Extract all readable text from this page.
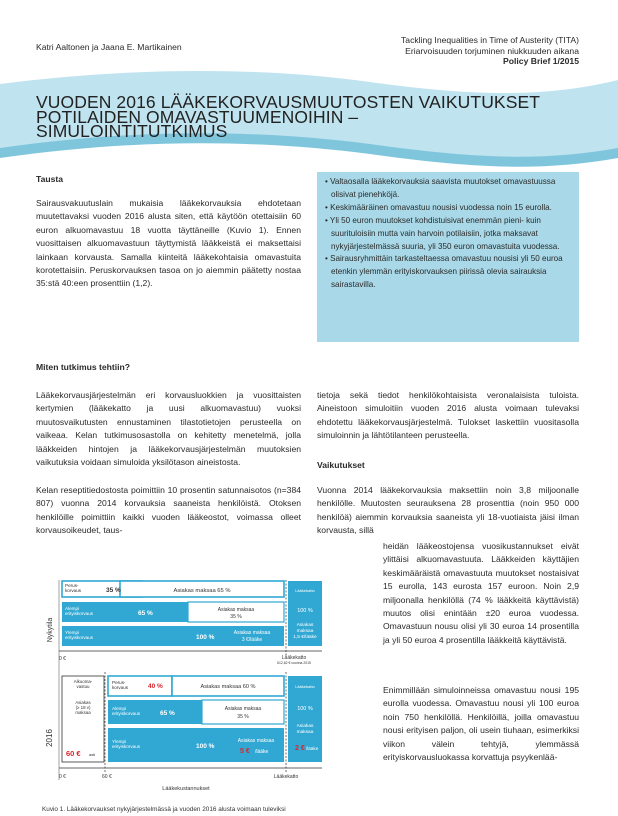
Katri Aaltonen ja Jaana E. Martikainen
Tackling Inequalities in Time of Austerity (TITA)
Eriarvoisuuden torjuminen niukkuuden aikana
Policy Brief 1/2015
VUODEN 2016 LÄÄKEKORVAUSMUUTOSTEN VAIKUTUKSET
POTILAIDEN OMAVASTUUMENOIHIN –
SIMULOINTITUTKIMUS
Tausta
Sairausvakuutuslain mukaisia lääkekorvauksia ehdotetaan muutettavaksi vuoden 2016 alusta siten, että käytöön otettaisiin 60 euron alkuomavastuu 18 vuotta täyttäneille (Kuvio 1). Ennen vuosittaisen alkuomavastuun täyttymistä lääkkeistä ei maksettaisi lainkaan korvausta. Samalla kiinteitä lääkekohtaisia omavastuita korotettaisiin. Peruskorvauksen tasoa on jo aiemmin päätetty nostaa 35:stä 40:een prosenttiin (1,2).
Miten tutkimus tehtiin?
Lääkekorvausjärjestelmän eri korvausluokkien ja vuosittaisten kertymien (lääkekatto ja uusi alkuomavastuu) vuoksi muutosvaikutusten ennustaminen tilastotietojen perusteella on vaikeaa. Kelan tutkimusosastolla on kehitetty menetelmä, jolla lääkkeiden hintojen ja lääkekorvausjärjestelmän muutoksien vaikutuksia voidaan simuloida yksilötason aineistosta.
Kelan reseptitiedostosta poimittiin 10 prosentin satunnaisotos (n=384 807) vuonna 2014 korvauksia saaneista henkilöistä. Otoksen henkilöille poimittiin kaikki vuoden lääkeostot, voimassa olleet korvausoikeudet, taus-
• Valtaosalla lääkekorvauksia saavista muutokset omavastuussa olisivat pienehköjä.
• Keskimääräinen omavastuu nousisi vuodessa noin 15 eurolla.
• Yli 50 euron muutokset kohdistuisivat enemmän pieni- kuin suurituloisiin mutta vain harvoin potilaisiin, jotka maksavat nykyjärjestelmässä suuria, yli 350 euron omavastuita vuodessa.
• Sairausryhmittäin tarkasteltaessa omavastuu nousisi yli 50 euroa etenkin ylemmän erityiskorvauksen piirissä olevia sairauksia sairastavilla.
tietoja sekä tiedot henkilökohtaisista veronalaisista tuloista. Aineistoon simuloitiin vuoden 2016 alusta voimaan tulevaksi ehdotettu lääkekorvausjärjestelmä. Tulokset laskettiin vuositasolla simuloinnin ja lähtötilanteen perusteella.
Vaikutukset
Vuonna 2014 lääkekorvauksia maksettiin noin 3,8 miljoonalle henkilölle. Muutosten seurauksena 28 prosenttia (noin 950 000 henkilöä) aiemmin korvauksia saaneista yli 18-vuotiaista jäisi ilman korvausta, sillä
heidän lääkeostojensa vuosikustannukset eivät ylittäisi alkuomavastuuta. Lääkkeiden käyttäjien keskimääräistä omavastuuta muutokset nostaisivat 15 eurolla, 143 eurosta 157 euroon. Noin 2,9 miljoonalla henkilöllä (74 % lääkkeitä käyttävistä) muutos olisi enintään ±20 euroa vuodessa. Omavastuun nousu olisi yli 30 euroa 14 prosentilla ja yli 50 euroa 4 prosentilla lääkkeitä käyttävistä.
Enimmillään simuloinneissa omavastuu nousi 195 eurolla vuodessa. Omavastuu nousi yli 100 euroa noin 750 henkilöllä. Henkilöillä, joilla omavastuu nousi erityisen paljon, oli usein tiuhaan, esimerkiksi viikon välein tehtyjä, ylemmässä erityiskorvausluokassa korvattuja psyykenlää-
Nykytila
2016
Perus-korvaus	35 %	Asiakas maksaa 65 %
Alempi erityiskorvaus	65 %	Asiakas maksaa 35 %
Ylempi erityiskorvaus	100 %
Asiakas maksaa 3 €/lääke
Lääkekatto
100 %
Asiakas maksaa 1,5 €/lääke
0 €	Lääkekatto
612,62 € vuonna 2015
Alkuoma-vastuu
Asiakas (≥ 18 v) maksaa
60 € asti
Perus-korvaus	40 %	Asiakas maksaa 60 %
Alempi erityiskorvaus	65 %
Asiakas maksaa 35 %
Ylempi erityiskorvaus	100 %
Asiakas maksaa
5 € /lääke
Lääkekatto
100 %
Asiakas maksaa
2 € /lääke
0 €	60 €	Lääkekatto
Lääkekustannukset
Kuvio 1. Lääkekorvaukset nykyjärjestelmässä ja vuoden 2016 alusta voimaan tuleviksi
